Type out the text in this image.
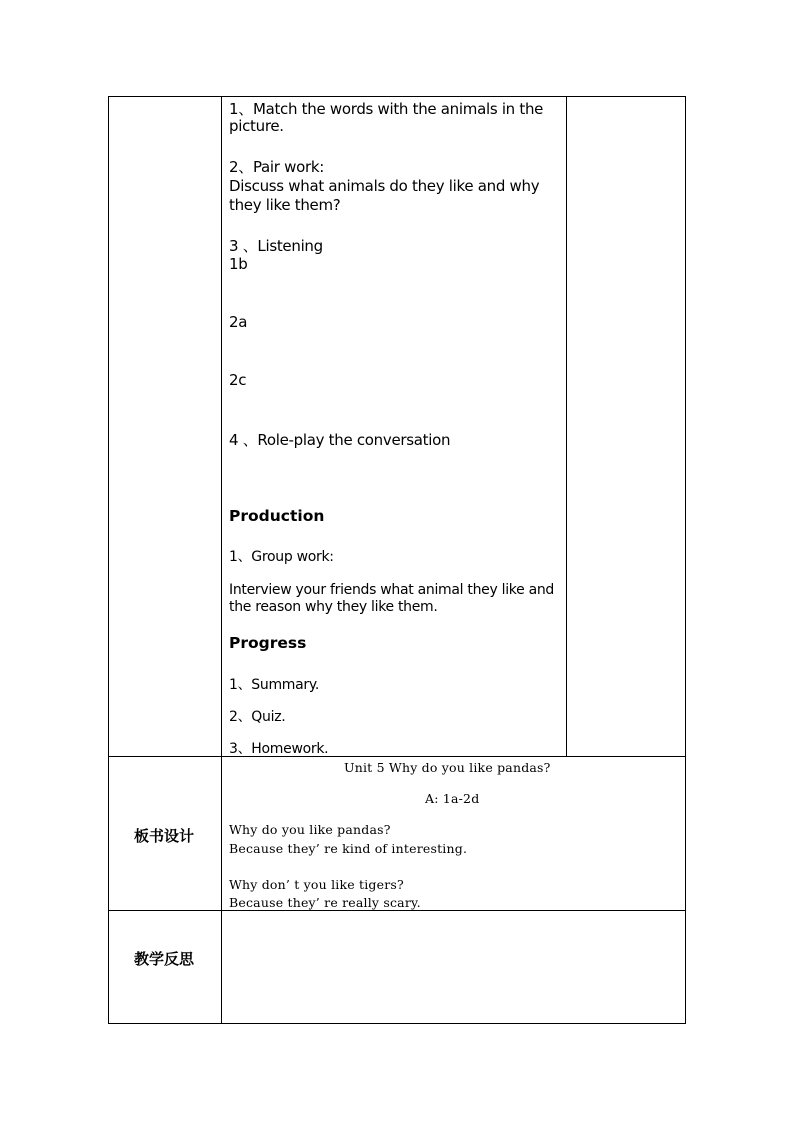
1、Match the words with the animals in the
picture.
2、Pair work:
Discuss what animals do they like and why
they like them?
3 、Listening
1b
2a
2c
4 、Role-play the conversation
Production
1、Group work:
Interview your friends what animal they like and
the reason why they like them.
Progress
1、Summary.
2、Quiz.
3、Homework.
板书设计
Unit 5 Why do you like pandas?
A: 1a-2d
Why do you like pandas?
Because they’ re kind of interesting.
Why don’ t you like tigers?
Because they’ re really scary.
教学反思
